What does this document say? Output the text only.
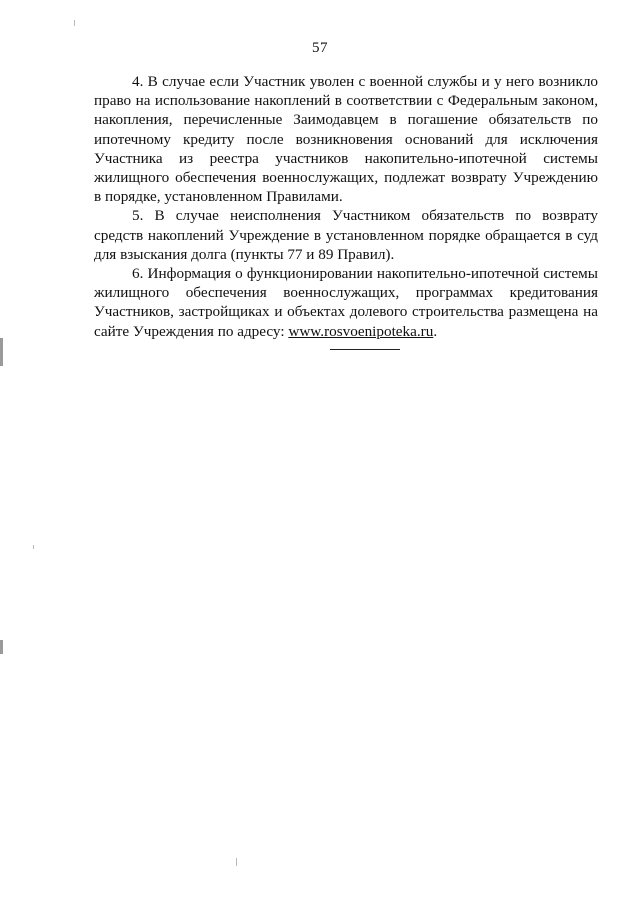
57

4. В случае если Участник уволен с военной службы и у него возникло право на использование накоплений в соответствии с Федеральным законом, накопления, перечисленные Заимодавцем в погашение обязательств по ипотечному кредиту после возникновения оснований для исключения Участника из реестра участников накопительно-ипотечной системы жилищного обеспечения военнослужащих, подлежат возврату Учреждению в порядке, установленном Правилами.

5. В случае неисполнения Участником обязательств по возврату средств накоплений Учреждение в установленном порядке обращается в суд для взыскания долга (пункты 77 и 89 Правил).

6. Информация о функционировании накопительно-ипотечной системы жилищного обеспечения военнослужащих, программах кредитования Участников, застройщиках и объектах долевого строительства размещена на сайте Учреждения по адресу: www.rosvoenipoteka.ru.
